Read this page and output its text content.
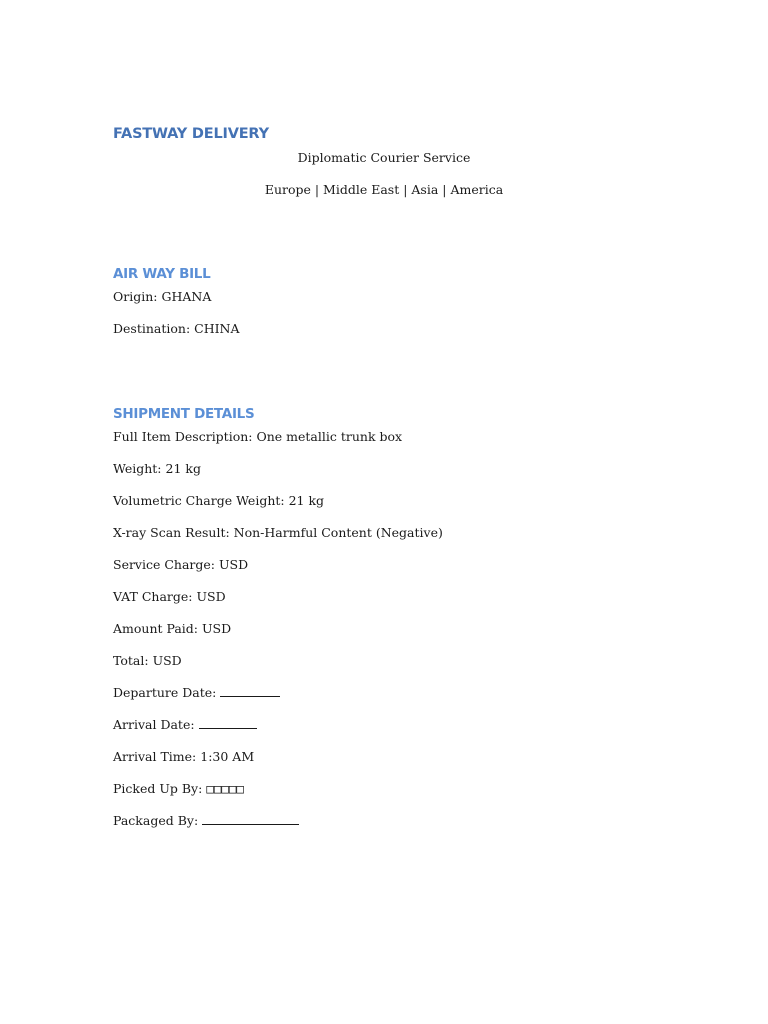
FASTWAY DELIVERY

Diplomatic Courier Service

Europe | Middle East | Asia | America

AIR WAY BILL

Origin: GHANA

Destination: CHINA

SHIPMENT DETAILS

Full Item Description: One metallic trunk box

Weight: 21 kg

Volumetric Charge Weight: 21 kg

X-ray Scan Result: Non-Harmful Content (Negative)

Service Charge: USD

VAT Charge: USD

Amount Paid: USD

Total: USD

Departure Date:

Arrival Date:

Arrival Time: 1:30 AM

Picked Up By: □□□□□

Packaged By:
